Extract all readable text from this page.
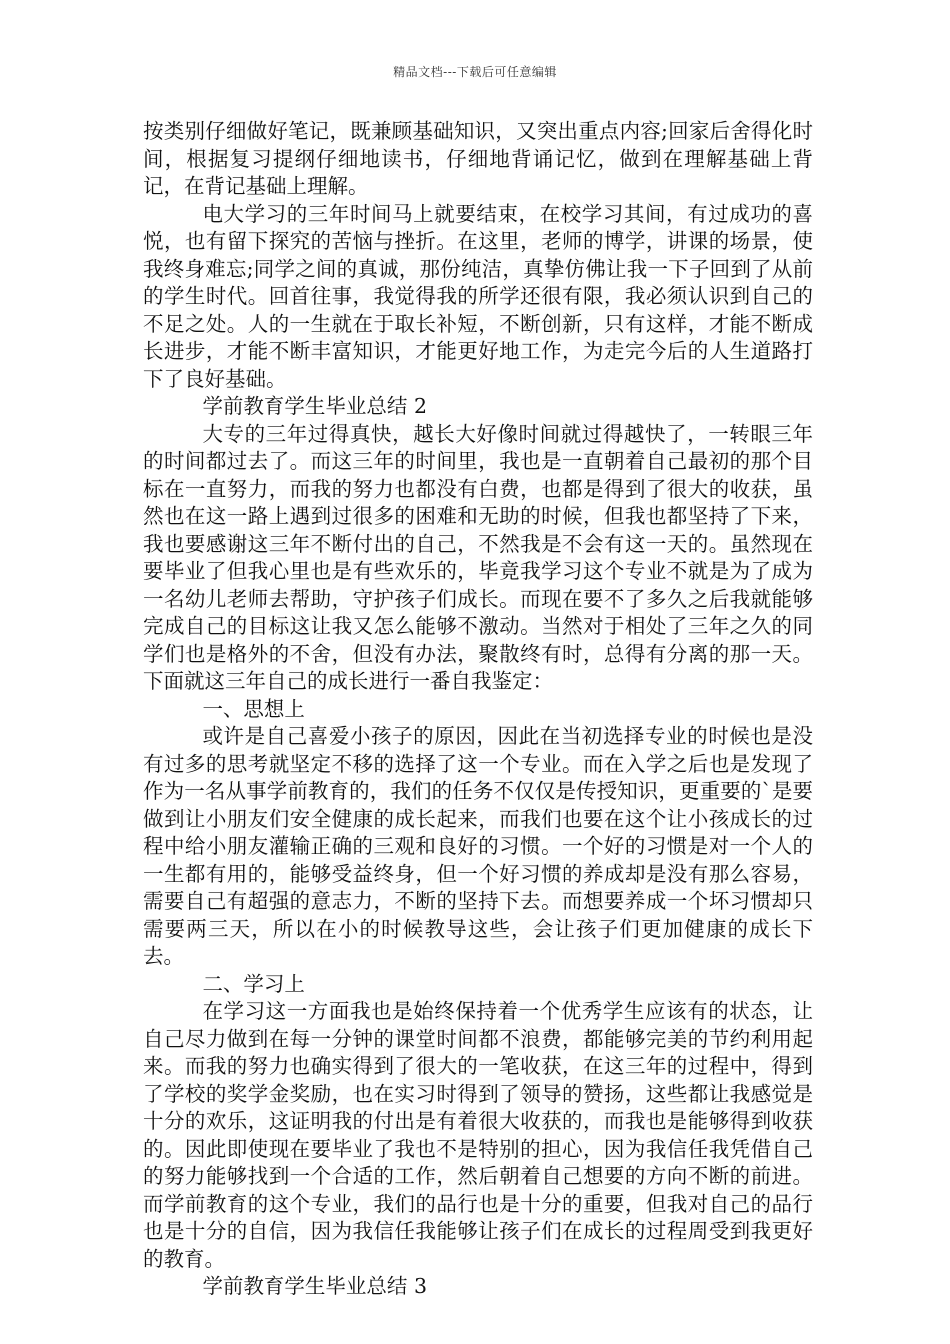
精品文档---下载后可任意编辑

按类别仔细做好笔记，既兼顾基础知识，又突出重点内容;回家后舍得化时间，根据复习提纲仔细地读书，仔细地背诵记忆，做到在理解基础上背记，在背记基础上理解。

电大学习的三年时间马上就要结束，在校学习其间，有过成功的喜悦，也有留下探究的苦恼与挫折。在这里，老师的博学，讲课的场景，使我终身难忘;同学之间的真诚，那份纯洁，真挚仿佛让我一下子回到了从前的学生时代。回首往事，我觉得我的所学还很有限，我必须认识到自己的不足之处。人的一生就在于取长补短，不断创新，只有这样，才能不断成长进步，才能不断丰富知识，才能更好地工作，为走完今后的人生道路打下了良好基础。

学前教育学生毕业总结 2

大专的三年过得真快，越长大好像时间就过得越快了，一转眼三年的时间都过去了。而这三年的时间里，我也是一直朝着自己最初的那个目标在一直努力，而我的努力也都没有白费，也都是得到了很大的收获，虽然也在这一路上遇到过很多的困难和无助的时候，但我也都坚持了下来，我也要感谢这三年不断付出的自己，不然我是不会有这一天的。虽然现在要毕业了但我心里也是有些欢乐的，毕竟我学习这个专业不就是为了成为一名幼儿老师去帮助，守护孩子们成长。而现在要不了多久之后我就能够完成自己的目标这让我又怎么能够不激动。当然对于相处了三年之久的同学们也是格外的不舍，但没有办法，聚散终有时，总得有分离的那一天。下面就这三年自己的成长进行一番自我鉴定：

一、思想上

或许是自己喜爱小孩子的原因，因此在当初选择专业的时候也是没有过多的思考就坚定不移的选择了这一个专业。而在入学之后也是发现了作为一名从事学前教育的，我们的任务不仅仅是传授知识，更重要的`是要做到让小朋友们安全健康的成长起来，而我们也要在这个让小孩成长的过程中给小朋友灌输正确的三观和良好的习惯。一个好的习惯是对一个人的一生都有用的，能够受益终身，但一个好习惯的养成却是没有那么容易，需要自己有超强的意志力，不断的坚持下去。而想要养成一个坏习惯却只需要两三天，所以在小的时候教导这些，会让孩子们更加健康的成长下去。

二、学习上

在学习这一方面我也是始终保持着一个优秀学生应该有的状态，让自己尽力做到在每一分钟的课堂时间都不浪费，都能够完美的节约利用起来。而我的努力也确实得到了很大的一笔收获，在这三年的过程中，得到了学校的奖学金奖励，也在实习时得到了领导的赞扬，这些都让我感觉是十分的欢乐，这证明我的付出是有着很大收获的，而我也是能够得到收获的。因此即使现在要毕业了我也不是特别的担心，因为我信任我凭借自己的努力能够找到一个合适的工作，然后朝着自己想要的方向不断的前进。而学前教育的这个专业，我们的品行也是十分的重要，但我对自己的品行也是十分的自信，因为我信任我能够让孩子们在成长的过程周受到我更好的教育。

学前教育学生毕业总结 3
